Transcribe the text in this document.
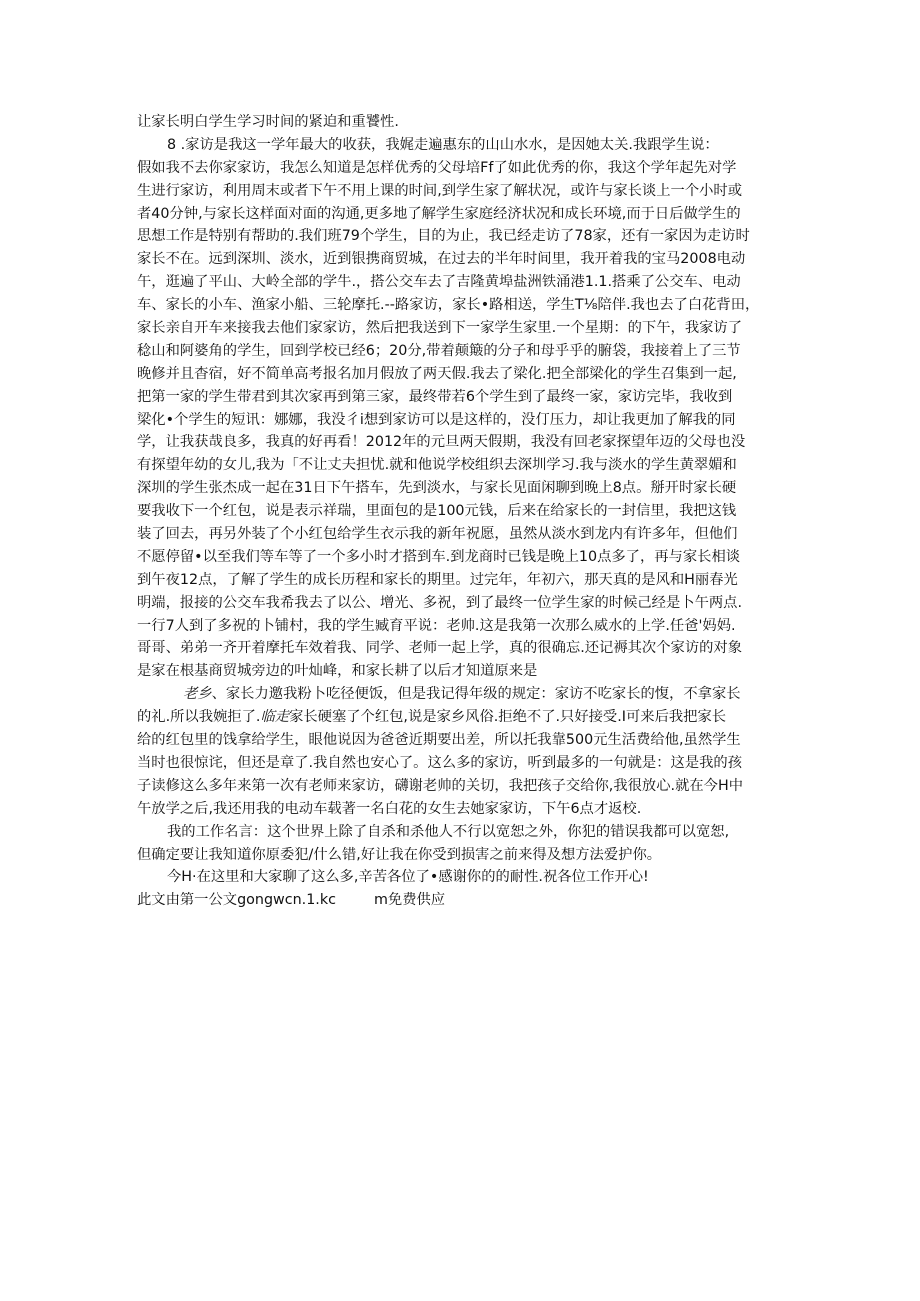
让家长明白学生学习时间的紧迫和重饕性.
8 .家访是我这一学年最大的收获，我娓走遍惠东的山山水水，是因她太关.我跟学生说：
假如我不去你家家访，我怎么知道是怎样优秀的父母培Ff了如此优秀的你，我这个学年起先对学
生进行家访，利用周末或者下午不用上课的时间,到学生家了解状况，或许与家长谈上一个小时或
者40分钟,与家长这样面对面的沟通,更多地了解学生家庭经济状况和成长环境,而于日后做学生的
思想工作是特别有帮助的.我们班79个学生，目的为止，我已经走访了78家，还有一家因为走访时
家长不在。远到深圳、淡水，近到银携商贸城，在过去的半年时间里，我开着我的宝马2008电动
午，逛遍了平山、大岭全部的学牛.，搭公交车去了吉隆黄埠盐洲铁涌港1.1.搭乘了公交车、电动
车、家长的小车、渔家小船、三轮摩托.--路家访，家长•路相送，学生T⅛陪伴.我也去了白花背田，
家长亲自开车来接我去他们家家访，然后把我送到下一家学生家里.一个星期：的下午，我家访了
稔山和阿婆角的学生，回到学校已经6；20分,带着颠簸的分子和母乎乎的腑袋，我接着上了三节
晚修并且杳宿，好不简单高考报名加月假放了两天假.我去了梁化.把全部梁化的学生召集到一起,
把第一家的学生带君到其次家再到第三家，最终带若6个学生到了最终一家，家访完毕，我收到
梁化•个学生的短讯：娜娜，我没彳i想到家访可以是这样的，没仃压力，却让我更加了解我的同
学，让我获哉良多，我真的好再看！2012年的元旦两天假期，我没有回老家探望年迈的父母也没
有探望年幼的女儿,我为「不让丈夫担忧.就和他说学校组织去深圳学习.我与淡水的学生黄翠媚和
深圳的学生张杰成一起在31日下午搭车，先到淡水，与家长见面闲聊到晚上8点。掰开时家长硬
要我收下一个红包，说是表示祥瑞，里面包的是100元钱，后来在给家长的一封信里，我把这钱
装了回去，再另外装了个小红包给学生衣示我的新年祝愿，虽然从淡水到龙内有许多年，但他们
不愿停留•以至我们等车等了一个多小时才搭到车.到龙商时已钱是晚上10点多了，再与家长相谈
到午夜12点，了解了学生的成长历程和家长的期里。过完年，年初六，那天真的是风和H丽春光
明端，报接的公交车我希我去了以公、增光、多祝，到了最终一位学生家的时候己经是卜午两点.
一行7人到了多祝的卜铺村，我的学生臧育平说：老帅.这是我第一次那么威水的上学.任爸'妈妈.
哥哥、弟弟一齐开着摩托车效着我、同学、老师一起上学，真的很确忘.还记褥其次个家访的对象
是家在根基商贸城旁边的叶灿峰，和家长耕了以后才知道原来是
老乡、家长力邀我粉卜吃径便饭，但是我记得年级的规定：家访不吃家长的愎，不拿家长
的礼.所以我婉拒了.临走家长硬塞了个红包,说是家乡风俗.拒绝不了.只好接受.I可来后我把家长
给的红包里的饯拿给学生，眼他说因为爸爸近期要出差，所以托我靠500元生活费给他,虽然学生
当时也很惊诧，但还是章了.我自然也安心了。这么多的家访，听到最多的一句就是：这是我的孩
子读修这么多年来第一次有老师来家访，礴谢老帅的关切，我把孩子交给你,我很放心.就在今H中
午放学之后,我还用我的电动车载著一名白花的女生去她家家访，下午6点才返校.
我的工作名言：这个世界上除了自杀和杀他人不行以宽恕之外，你犯的错误我都可以宽恕,
但确定要让我知道你原委犯/什么错,好让我在你受到损害之前来得及想方法爱护你。
今H·在这里和大家聊了这么多,辛苦各位了•感谢你的的耐性.祝各位工作开心!
此文由第一公文gongwcn.1.kc	m免费供应
